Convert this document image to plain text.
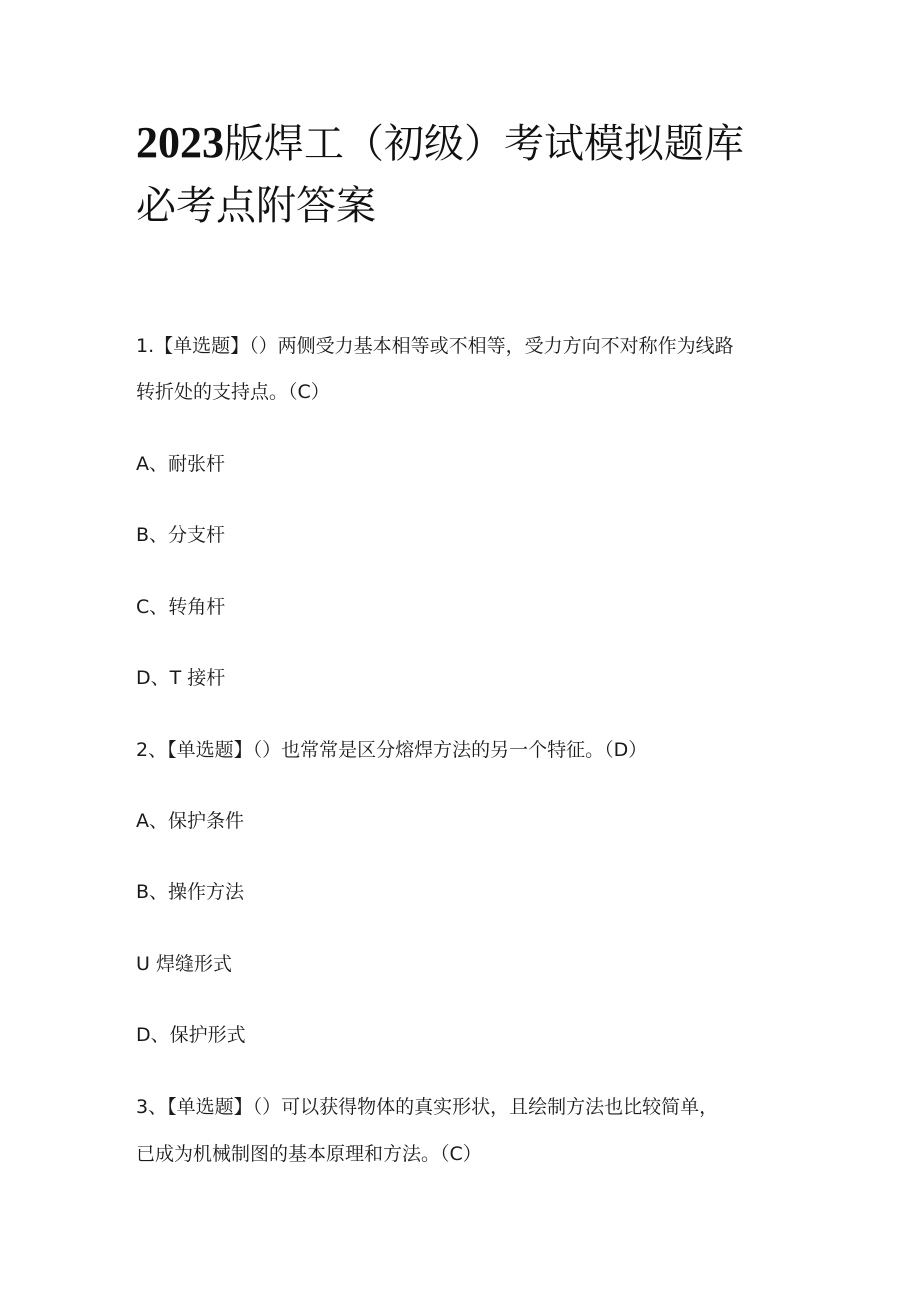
2023版焊工（初级）考试模拟题库
必考点附答案
1.【单选题】（）两侧受力基本相等或不相等，受力方向不对称作为线路
转折处的支持点。（C）
A、耐张杆
B、分支杆
C、转角杆
D、T 接杆
2、【单选题】（）也常常是区分熔焊方法的另一个特征。（D）
A、保护条件
B、操作方法
U 焊缝形式
D、保护形式
3、【单选题】（）可以获得物体的真实形状，且绘制方法也比较简单，
已成为机械制图的基本原理和方法。（C）
